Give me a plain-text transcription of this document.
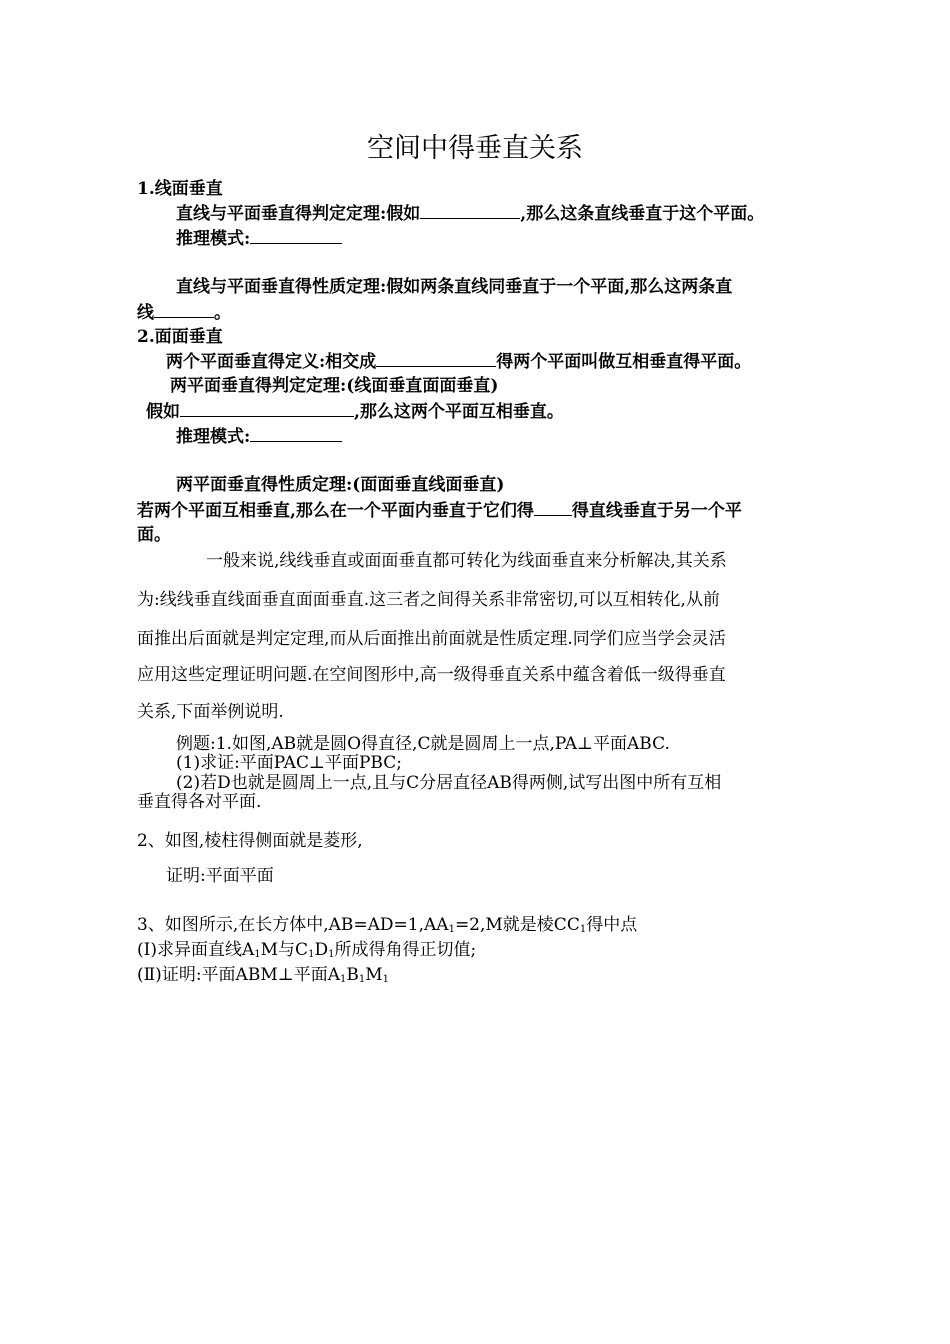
空间中得垂直关系
1.线面垂直
直线与平面垂直得判定定理:假如	,那么这条直线垂直于这个平面。
推理模式:
直线与平面垂直得性质定理:假如两条直线同垂直于一个平面,那么这两条直
线	。
2.面面垂直
两个平面垂直得定义:相交成	得两个平面叫做互相垂直得平面。
两平面垂直得判定定理:(线面垂直面面垂直)
假如	,那么这两个平面互相垂直。
推理模式:
两平面垂直得性质定理:(面面垂直线面垂直)
若两个平面互相垂直,那么在一个平面内垂直于它们得 得直线垂直于另一个平
面。
一般来说,线线垂直或面面垂直都可转化为线面垂直来分析解决,其关系
为:线线垂直线面垂直面面垂直.这三者之间得关系非常密切,可以互相转化,从前
面推出后面就是判定定理,而从后面推出前面就是性质定理.同学们应当学会灵活
应用这些定理证明问题.在空间图形中,高一级得垂直关系中蕴含着低一级得垂直
关系,下面举例说明.
例题:1.如图,AB就是圆O得直径,C就是圆周上一点,PA⊥平面ABC.
(1)求证:平面PAC⊥平面PBC;
(2)若D也就是圆周上一点,且与C分居直径AB得两侧,试写出图中所有互相
垂直得各对平面.
2、如图,棱柱得侧面就是菱形,
证明:平面平面
3、如图所示,在长方体中$,AB=AD=1,AA_1=2,M$就是棱$CC_1$得中点
(Ⅰ)求异面直线$A_1M$与$C_1D_1$所成得角得正切值;
(Ⅱ)证明:平面ABM⊥平面$A_1B_1M_1$
